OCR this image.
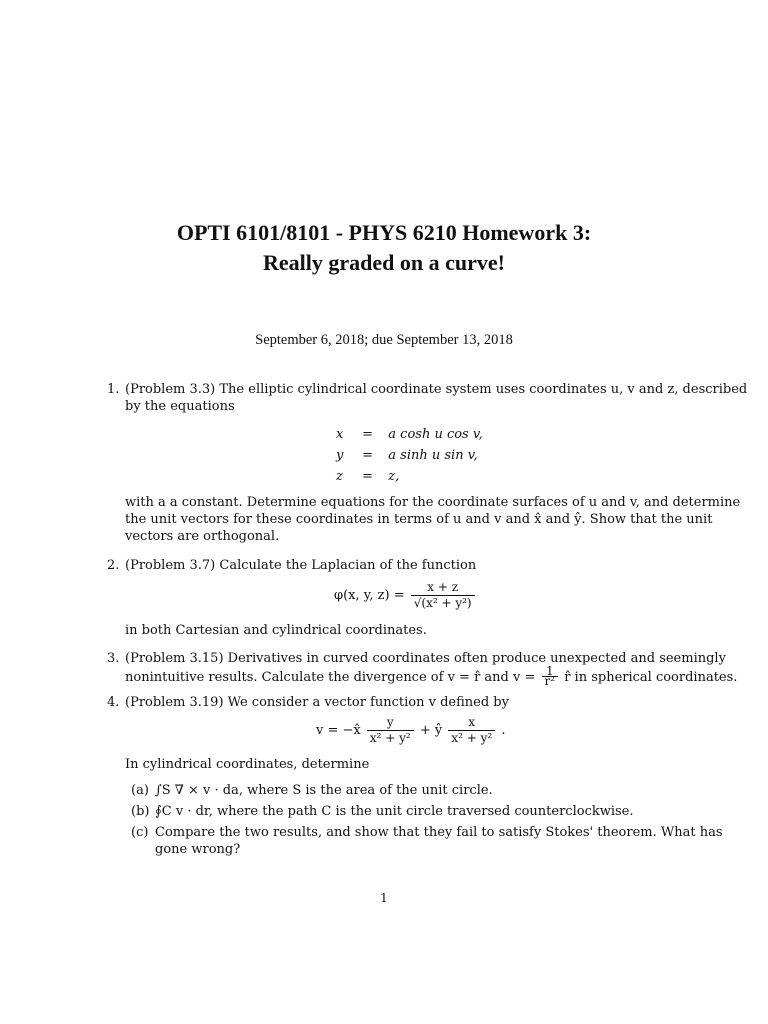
OPTI 6101/8101 - PHYS 6210 Homework 3:
Really graded on a curve!
September 6, 2018; due September 13, 2018
1. (Problem 3.3) The elliptic cylindrical coordinate system uses coordinates u, v and z, described
by the equations
x = a cosh u cos v,
y = a sinh u sin v,
z = z,
with a a constant. Determine equations for the coordinate surfaces of u and v, and determine
the unit vectors for these coordinates in terms of u and v and x̂ and ŷ. Show that the unit
vectors are orthogonal.
2. (Problem 3.7) Calculate the Laplacian of the function
φ(x, y, $z) = \frac{x + z}{\text{√(x² + y²)}}$
in both Cartesian and cylindrical coordinates.
3. (Problem 3.15) Derivatives in curved coordinates often produce unexpected and seemingly
nonintuitive results. Calculate the divergence of v = r̂ and $v = \frac{1}{\text{r²}}$ r̂ in spherical coordinates.
4. (Problem 3.19) We consider a vector function v defined by
v = −x̂ $\frac{y}{\text{x² + y²}}$ + ŷ $\frac{x}{\text{x² + y²}}$ .
In cylindrical coordinates, determine
(a) ∫S ∇ × v · da, where S is the area of the unit circle.
(b) ∮C v · dr, where the path C is the unit circle traversed counterclockwise.
(c) Compare the two results, and show that they fail to satisfy Stokes' theorem. What has
gone wrong?
1
